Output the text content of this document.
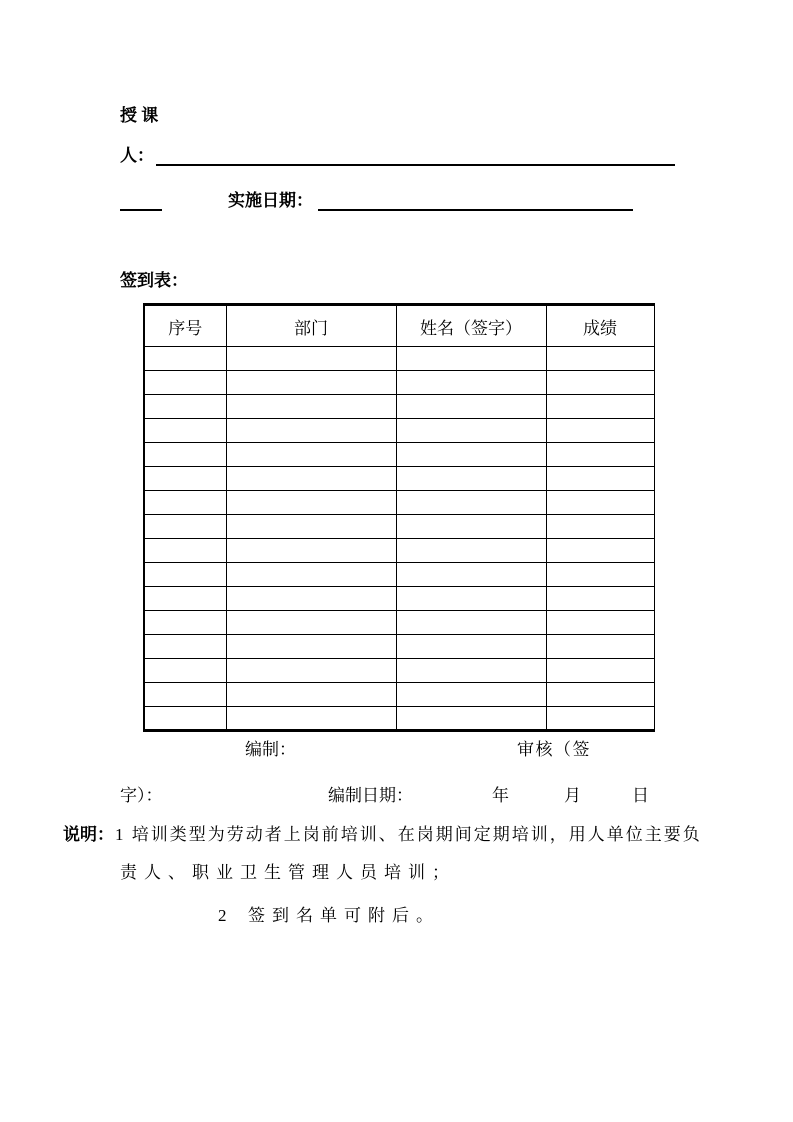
授 课
人：
实施日期：
签到表：
序号	部门	姓名（签字）	成绩

编制：	审核（签
字）：	编制日期：	年	月	日
说明： 1 培训类型为劳动者上岗前培训、在岗期间定期培训，用人单位主要负
责人、职业卫生管理人员培训；
2 签到名单可附后。
